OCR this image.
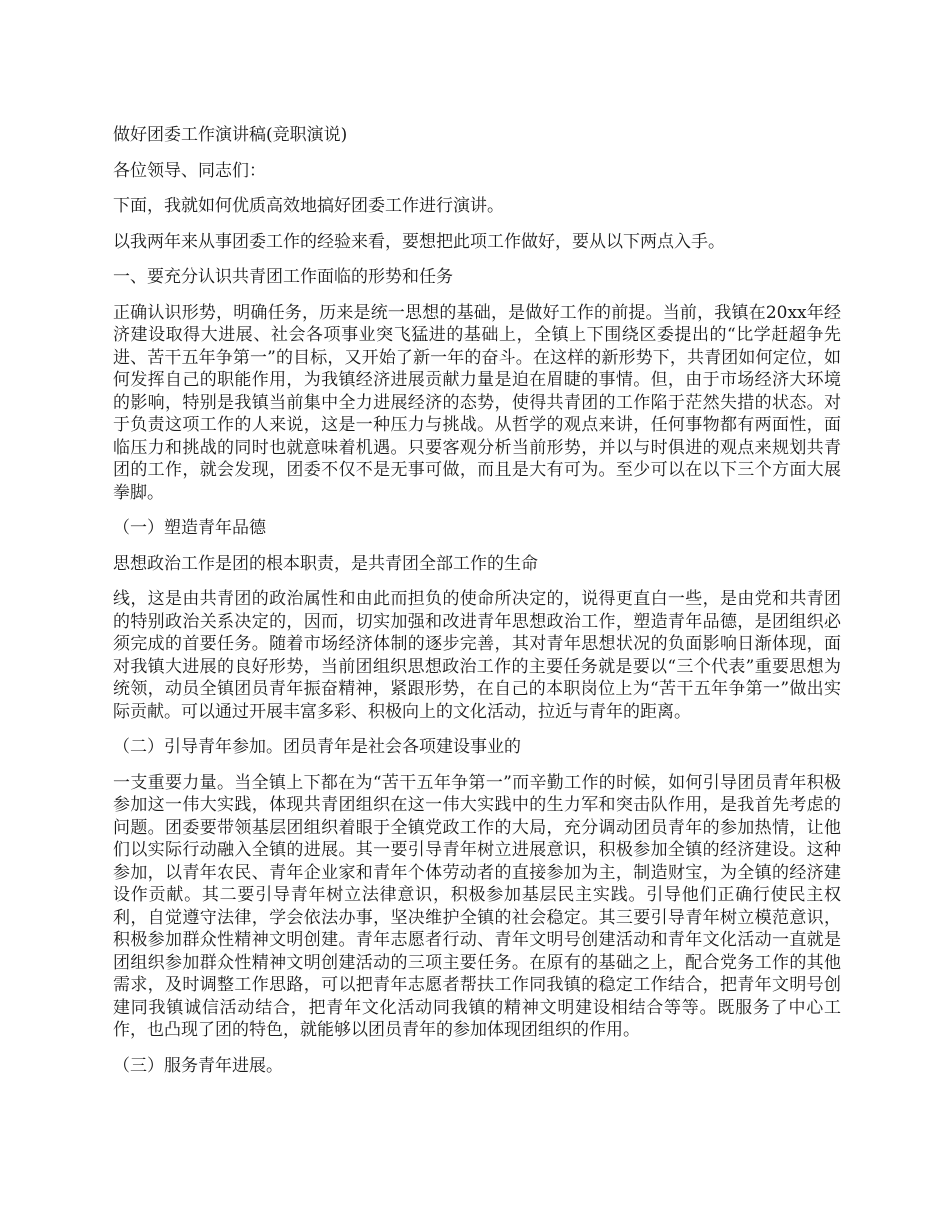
做好团委工作演讲稿(竞职演说)

各位领导、同志们：

下面，我就如何优质高效地搞好团委工作进行演讲。

以我两年来从事团委工作的经验来看，要想把此项工作做好，要从以下两点入手。

一、要充分认识共青团工作面临的形势和任务

正确认识形势，明确任务，历来是统一思想的基础，是做好工作的前提。当前，我镇在20xx年经济建设取得大进展、社会各项事业突飞猛进的基础上，全镇上下围绕区委提出的“比学赶超争先进、苦干五年争第一”的目标，又开始了新一年的奋斗。在这样的新形势下，共青团如何定位，如何发挥自己的职能作用，为我镇经济进展贡献力量是迫在眉睫的事情。但，由于市场经济大环境的影响，特别是我镇当前集中全力进展经济的态势，使得共青团的工作陷于茫然失措的状态。对于负责这项工作的人来说，这是一种压力与挑战。从哲学的观点来讲，任何事物都有两面性，面临压力和挑战的同时也就意味着机遇。只要客观分析当前形势，并以与时俱进的观点来规划共青团的工作，就会发现，团委不仅不是无事可做，而且是大有可为。至少可以在以下三个方面大展拳脚。

（一）塑造青年品德

思想政治工作是团的根本职责，是共青团全部工作的生命

线，这是由共青团的政治属性和由此而担负的使命所决定的，说得更直白一些，是由党和共青团的特别政治关系决定的，因而，切实加强和改进青年思想政治工作，塑造青年品德，是团组织必须完成的首要任务。随着市场经济体制的逐步完善，其对青年思想状况的负面影响日渐体现，面对我镇大进展的良好形势，当前团组织思想政治工作的主要任务就是要以“三个代表”重要思想为统领，动员全镇团员青年振奋精神，紧跟形势，在自己的本职岗位上为“苦干五年争第一”做出实际贡献。可以通过开展丰富多彩、积极向上的文化活动，拉近与青年的距离。

（二）引导青年参加。团员青年是社会各项建设事业的

一支重要力量。当全镇上下都在为“苦干五年争第一”而辛勤工作的时候，如何引导团员青年积极参加这一伟大实践，体现共青团组织在这一伟大实践中的生力军和突击队作用，是我首先考虑的问题。团委要带领基层团组织着眼于全镇党政工作的大局，充分调动团员青年的参加热情，让他们以实际行动融入全镇的进展。其一要引导青年树立进展意识，积极参加全镇的经济建设。这种参加，以青年农民、青年企业家和青年个体劳动者的直接参加为主，制造财宝，为全镇的经济建设作贡献。其二要引导青年树立法律意识，积极参加基层民主实践。引导他们正确行使民主权利，自觉遵守法律，学会依法办事，坚决维护全镇的社会稳定。其三要引导青年树立模范意识，积极参加群众性精神文明创建。青年志愿者行动、青年文明号创建活动和青年文化活动一直就是团组织参加群众性精神文明创建活动的三项主要任务。在原有的基础之上，配合党务工作的其他需求，及时调整工作思路，可以把青年志愿者帮扶工作同我镇的稳定工作结合，把青年文明号创建同我镇诚信活动结合，把青年文化活动同我镇的精神文明建设相结合等等。既服务了中心工作，也凸现了团的特色，就能够以团员青年的参加体现团组织的作用。

（三）服务青年进展。
